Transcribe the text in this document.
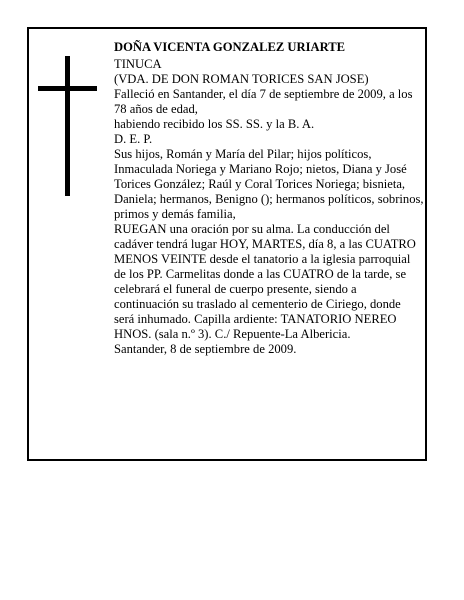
DOÑA VICENTA GONZALEZ URIARTE

TINUCA

(VDA. DE DON ROMAN TORICES SAN JOSE)

Falleció en Santander, el día 7 de septiembre de 2009, a los 78 años de edad,

habiendo recibido los SS. SS. y la B. A.

D. E. P.

Sus hijos, Román y María del Pilar; hijos políticos, Inmaculada Noriega y Mariano Rojo; nietos, Diana y José Torices González; Raúl y Coral Torices Noriega; bisnieta, Daniela; hermanos, Benigno (); hermanos políticos, sobrinos, primos y demás familia,

RUEGAN una oración por su alma. La conducción del cadáver tendrá lugar HOY, MARTES, día 8, a las CUATRO MENOS VEINTE desde el tanatorio a la iglesia parroquial de los PP. Carmelitas donde a las CUATRO de la tarde, se celebrará el funeral de cuerpo presente, siendo a continuación su traslado al cementerio de Ciriego, donde será inhumado. Capilla ardiente: TANATORIO NEREO HNOS. (sala n.º 3). C./ Repuente-La Albericia.

Santander, 8 de septiembre de 2009.
